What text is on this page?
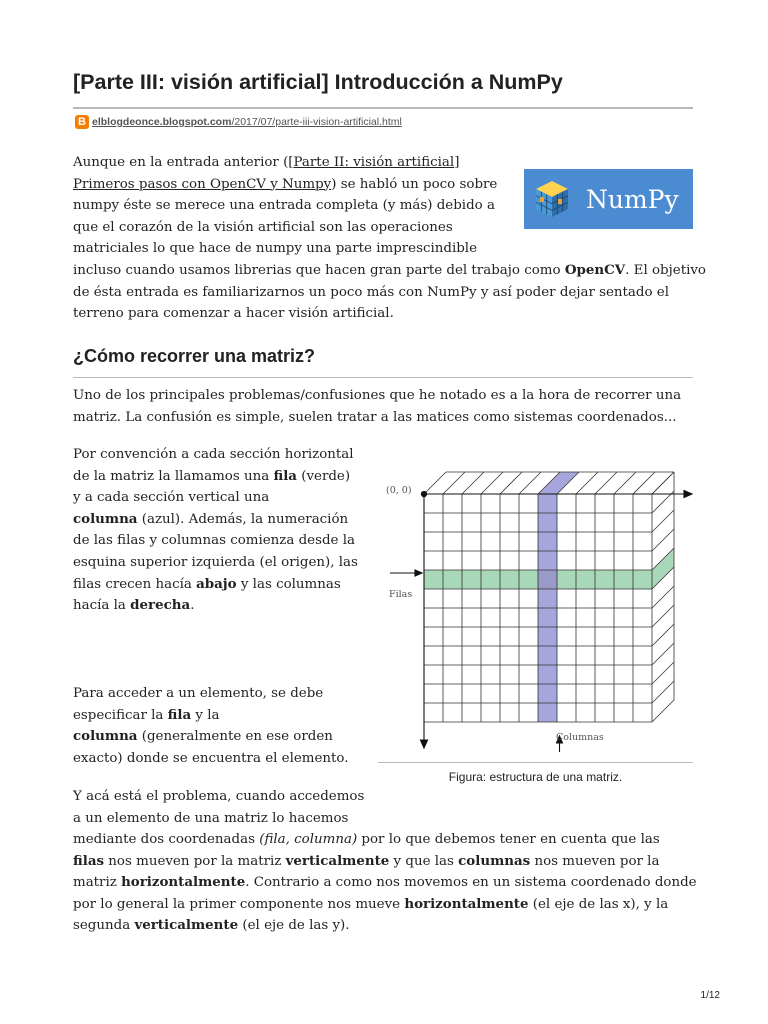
[Parte III: visión artificial] Introducción a NumPy
B elblogdeonce.blogspot.com /2017/07/parte-iii-vision-artificial.html
Aunque en la entrada anterior ([Parte II: visión artificial]
Primeros pasos con OpenCV y Numpy) se habló un poco sobre
numpy éste se merece una entrada completa (y más) debido a
que el corazón de la visión artificial son las operaciones
matriciales lo que hace de numpy una parte imprescindible
incluso cuando usamos librerias que hacen gran parte del trabajo como OpenCV. El objetivo
de ésta entrada es familiarizarnos un poco más con NumPy y así poder dejar sentado el
terreno para comenzar a hacer visión artificial.
NumPy
¿Cómo recorrer una matriz?
Uno de los principales problemas/confusiones que he notado es a la hora de recorrer una
matriz. La confusión es simple, suelen tratar a las matices como sistemas coordenados...
Por convención a cada sección horizontal
de la matriz la llamamos una fila (verde)
y a cada sección vertical una
columna (azul). Además, la numeración
de las filas y columnas comienza desde la
esquina superior izquierda (el origen), las
filas crecen hacía abajo y las columnas
hacía la derecha.
Para acceder a un elemento, se debe
especificar la fila y la
columna (generalmente en ese orden
exacto) donde se encuentra el elemento.
Y acá está el problema, cuando accedemos
a un elemento de una matriz lo hacemos
mediante dos coordenadas (fila, columna) por lo que debemos tener en cuenta que las
filas nos mueven por la matriz verticalmente y que las columnas nos mueven por la
matriz horizontalmente. Contrario a como nos movemos en un sistema coordenado donde
por lo general la primer componente nos mueve horizontalmente (el eje de las x), y la
segunda verticalmente (el eje de las y).
(0, 0)
Filas
Columnas
Figura: estructura de una matriz.
1/12
